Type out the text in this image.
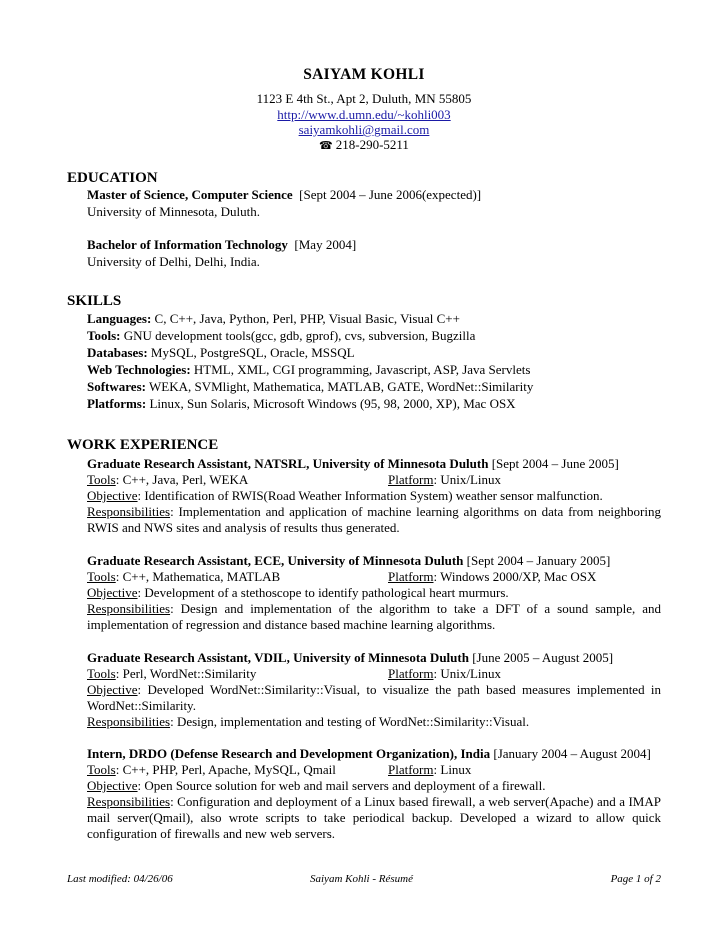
SAIYAM KOHLI
1123 E 4th St., Apt 2, Duluth, MN 55805
http://www.d.umn.edu/~kohli003
saiyamkohli@gmail.com
☎ 218-290-5211
EDUCATION
Master of Science, Computer Science [Sept 2004 – June 2006(expected)]
University of Minnesota, Duluth.
Bachelor of Information Technology [May 2004]
University of Delhi, Delhi, India.
SKILLS
Languages: C, C++, Java, Python, Perl, PHP, Visual Basic, Visual C++
Tools: GNU development tools(gcc, gdb, gprof), cvs, subversion, Bugzilla
Databases: MySQL, PostgreSQL, Oracle, MSSQL
Web Technologies: HTML, XML, CGI programming, Javascript, ASP, Java Servlets
Softwares: WEKA, SVMlight, Mathematica, MATLAB, GATE, WordNet::Similarity
Platforms: Linux, Sun Solaris, Microsoft Windows (95, 98, 2000, XP), Mac OSX
WORK EXPERIENCE
Graduate Research Assistant, NATSRL, University of Minnesota Duluth [Sept 2004 – June 2005]
Tools: C++, Java, Perl, WEKA	Platform: Unix/Linux
Objective: Identification of RWIS(Road Weather Information System) weather sensor malfunction.
Responsibilities: Implementation and application of machine learning algorithms on data from neighboring RWIS and NWS sites and analysis of results thus generated.
Graduate Research Assistant, ECE, University of Minnesota Duluth [Sept 2004 – January 2005]
Tools: C++, Mathematica, MATLAB	Platform: Windows 2000/XP, Mac OSX
Objective: Development of a stethoscope to identify pathological heart murmurs.
Responsibilities: Design and implementation of the algorithm to take a DFT of a sound sample, and implementation of regression and distance based machine learning algorithms.
Graduate Research Assistant, VDIL, University of Minnesota Duluth [June 2005 – August 2005]
Tools: Perl, WordNet::Similarity	Platform: Unix/Linux
Objective: Developed WordNet::Similarity::Visual, to visualize the path based measures implemented in WordNet::Similarity.
Responsibilities: Design, implementation and testing of WordNet::Similarity::Visual.
Intern, DRDO (Defense Research and Development Organization), India [January 2004 – August 2004]
Tools: C++, PHP, Perl, Apache, MySQL, Qmail	Platform: Linux
Objective: Open Source solution for web and mail servers and deployment of a firewall.
Responsibilities: Configuration and deployment of a Linux based firewall, a web server(Apache) and a IMAP mail server(Qmail), also wrote scripts to take periodical backup. Developed a wizard to allow quick configuration of firewalls and new web servers.
Last modified: 04/26/06	Saiyam Kohli - Résumé	Page 1 of 2
